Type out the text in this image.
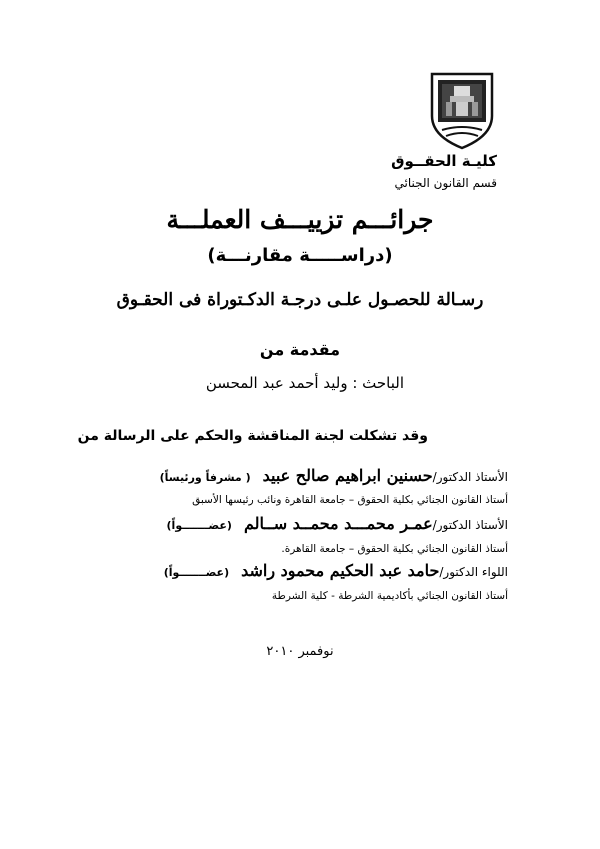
كليـة الحقــوق
قسم القانون الجنائي
جرائـــم تزييـــف العملـــة
(دراســـــة مقارنـــة)
رسـالة للحصـول علـى درجـة الدكـتوراة فى الحقـوق
مقدمة من
الباحث : وليد أحمد عبد المحسن
وقد تشكلت لجنة المناقشة والحكم على الرسالة من
الأستاذ الدكتور/حسنين ابراهيم صالح عبيد( مشرفاً ورئيساً)
أستاذ القانون الجنائي بكلية الحقوق – جامعة القاهرة ونائب رئيسها الأسبق
الأستاذ الدكتور/عمـر محمـــد محمــد ســالم(عضـــــــواً)
أستاذ القانون الجنائي بكلية الحقوق – جامعة القاهرة.
اللواء الدكتور/حامد عبد الحكيم محمود راشد(عضـــــــواً)
أستاذ القانون الجنائي بأكاديمية الشرطة - كلية الشرطة
نوفمبر ٢٠١٠
